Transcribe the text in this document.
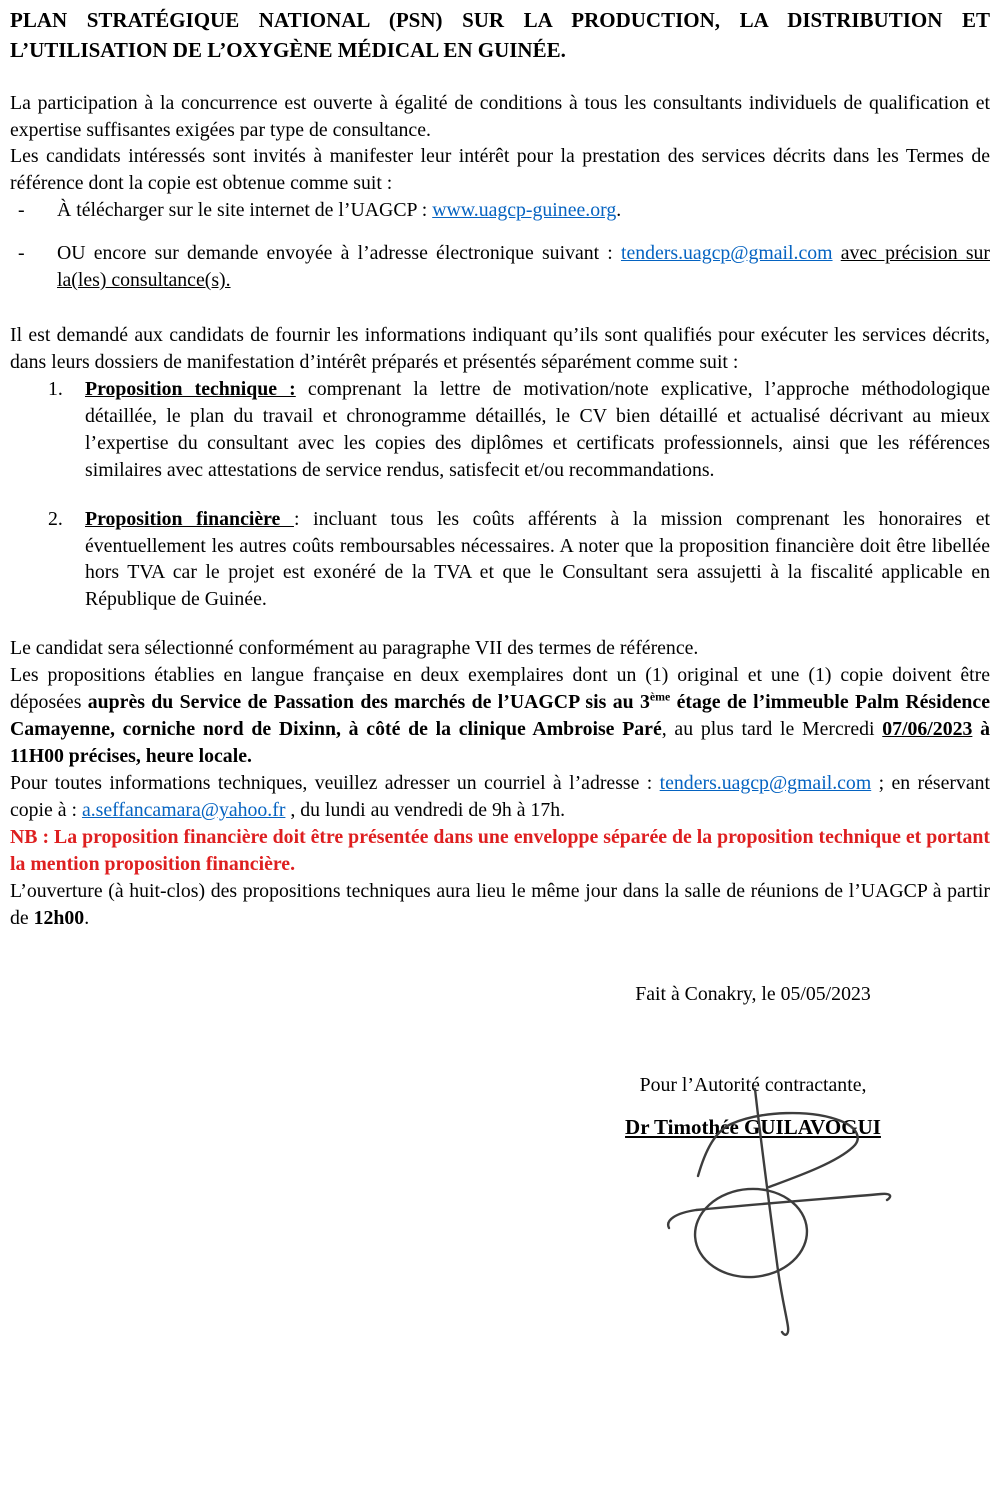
PLAN STRATÉGIQUE NATIONAL (PSN) SUR LA PRODUCTION, LA DISTRIBUTION ET L’UTILISATION DE L’OXYGÈNE MÉDICAL EN GUINÉE.

La participation à la concurrence est ouverte à égalité de conditions à tous les consultants individuels de qualification et expertise suffisantes exigées par type de consultance.

Les candidats intéressés sont invités à manifester leur intérêt pour la prestation des services décrits dans les Termes de référence dont la copie est obtenue comme suit :

- À télécharger sur le site internet de l’UAGCP : www.uagcp-guinee.org.
- OU encore sur demande envoyée à l’adresse électronique suivant : tenders.uagcp@gmail.com avec précision sur la(les) consultance(s).

Il est demandé aux candidats de fournir les informations indiquant qu’ils sont qualifiés pour exécuter les services décrits, dans leurs dossiers de manifestation d’intérêt préparés et présentés séparément comme suit :

1. Proposition technique : comprenant la lettre de motivation/note explicative, l’approche méthodologique détaillée, le plan du travail et chronogramme détaillés, le CV bien détaillé et actualisé décrivant au mieux l’expertise du consultant avec les copies des diplômes et certificats professionnels, ainsi que les références similaires avec attestations de service rendus, satisfecit et/ou recommandations.
2. Proposition financière : incluant tous les coûts afférents à la mission comprenant les honoraires et éventuellement les autres coûts remboursables nécessaires. A noter que la proposition financière doit être libellée hors TVA car le projet est exonéré de la TVA et que le Consultant sera assujetti à la fiscalité applicable en République de Guinée.

Le candidat sera sélectionné conformément au paragraphe VII des termes de référence.

Les propositions établies en langue française en deux exemplaires dont un (1) original et une (1) copie doivent être déposées auprès du Service de Passation des marchés de l’UAGCP sis au 3ème étage de l’immeuble Palm Résidence Camayenne, corniche nord de Dixinn, à côté de la clinique Ambroise Paré, au plus tard le Mercredi 07/06/2023 à 11H00 précises, heure locale.

Pour toutes informations techniques, veuillez adresser un courriel à l’adresse : tenders.uagcp@gmail.com ; en réservant copie à : a.seffancamara@yahoo.fr , du lundi au vendredi de 9h à 17h.

NB : La proposition financière doit être présentée dans une enveloppe séparée de la proposition technique et portant la mention proposition financière.

L’ouverture (à huit-clos) des propositions techniques aura lieu le même jour dans la salle de réunions de l’UAGCP à partir de 12h00.

Fait à Conakry, le 05/05/2023

Pour l’Autorité contractante,

Dr Timothée GUILAVOGUI
